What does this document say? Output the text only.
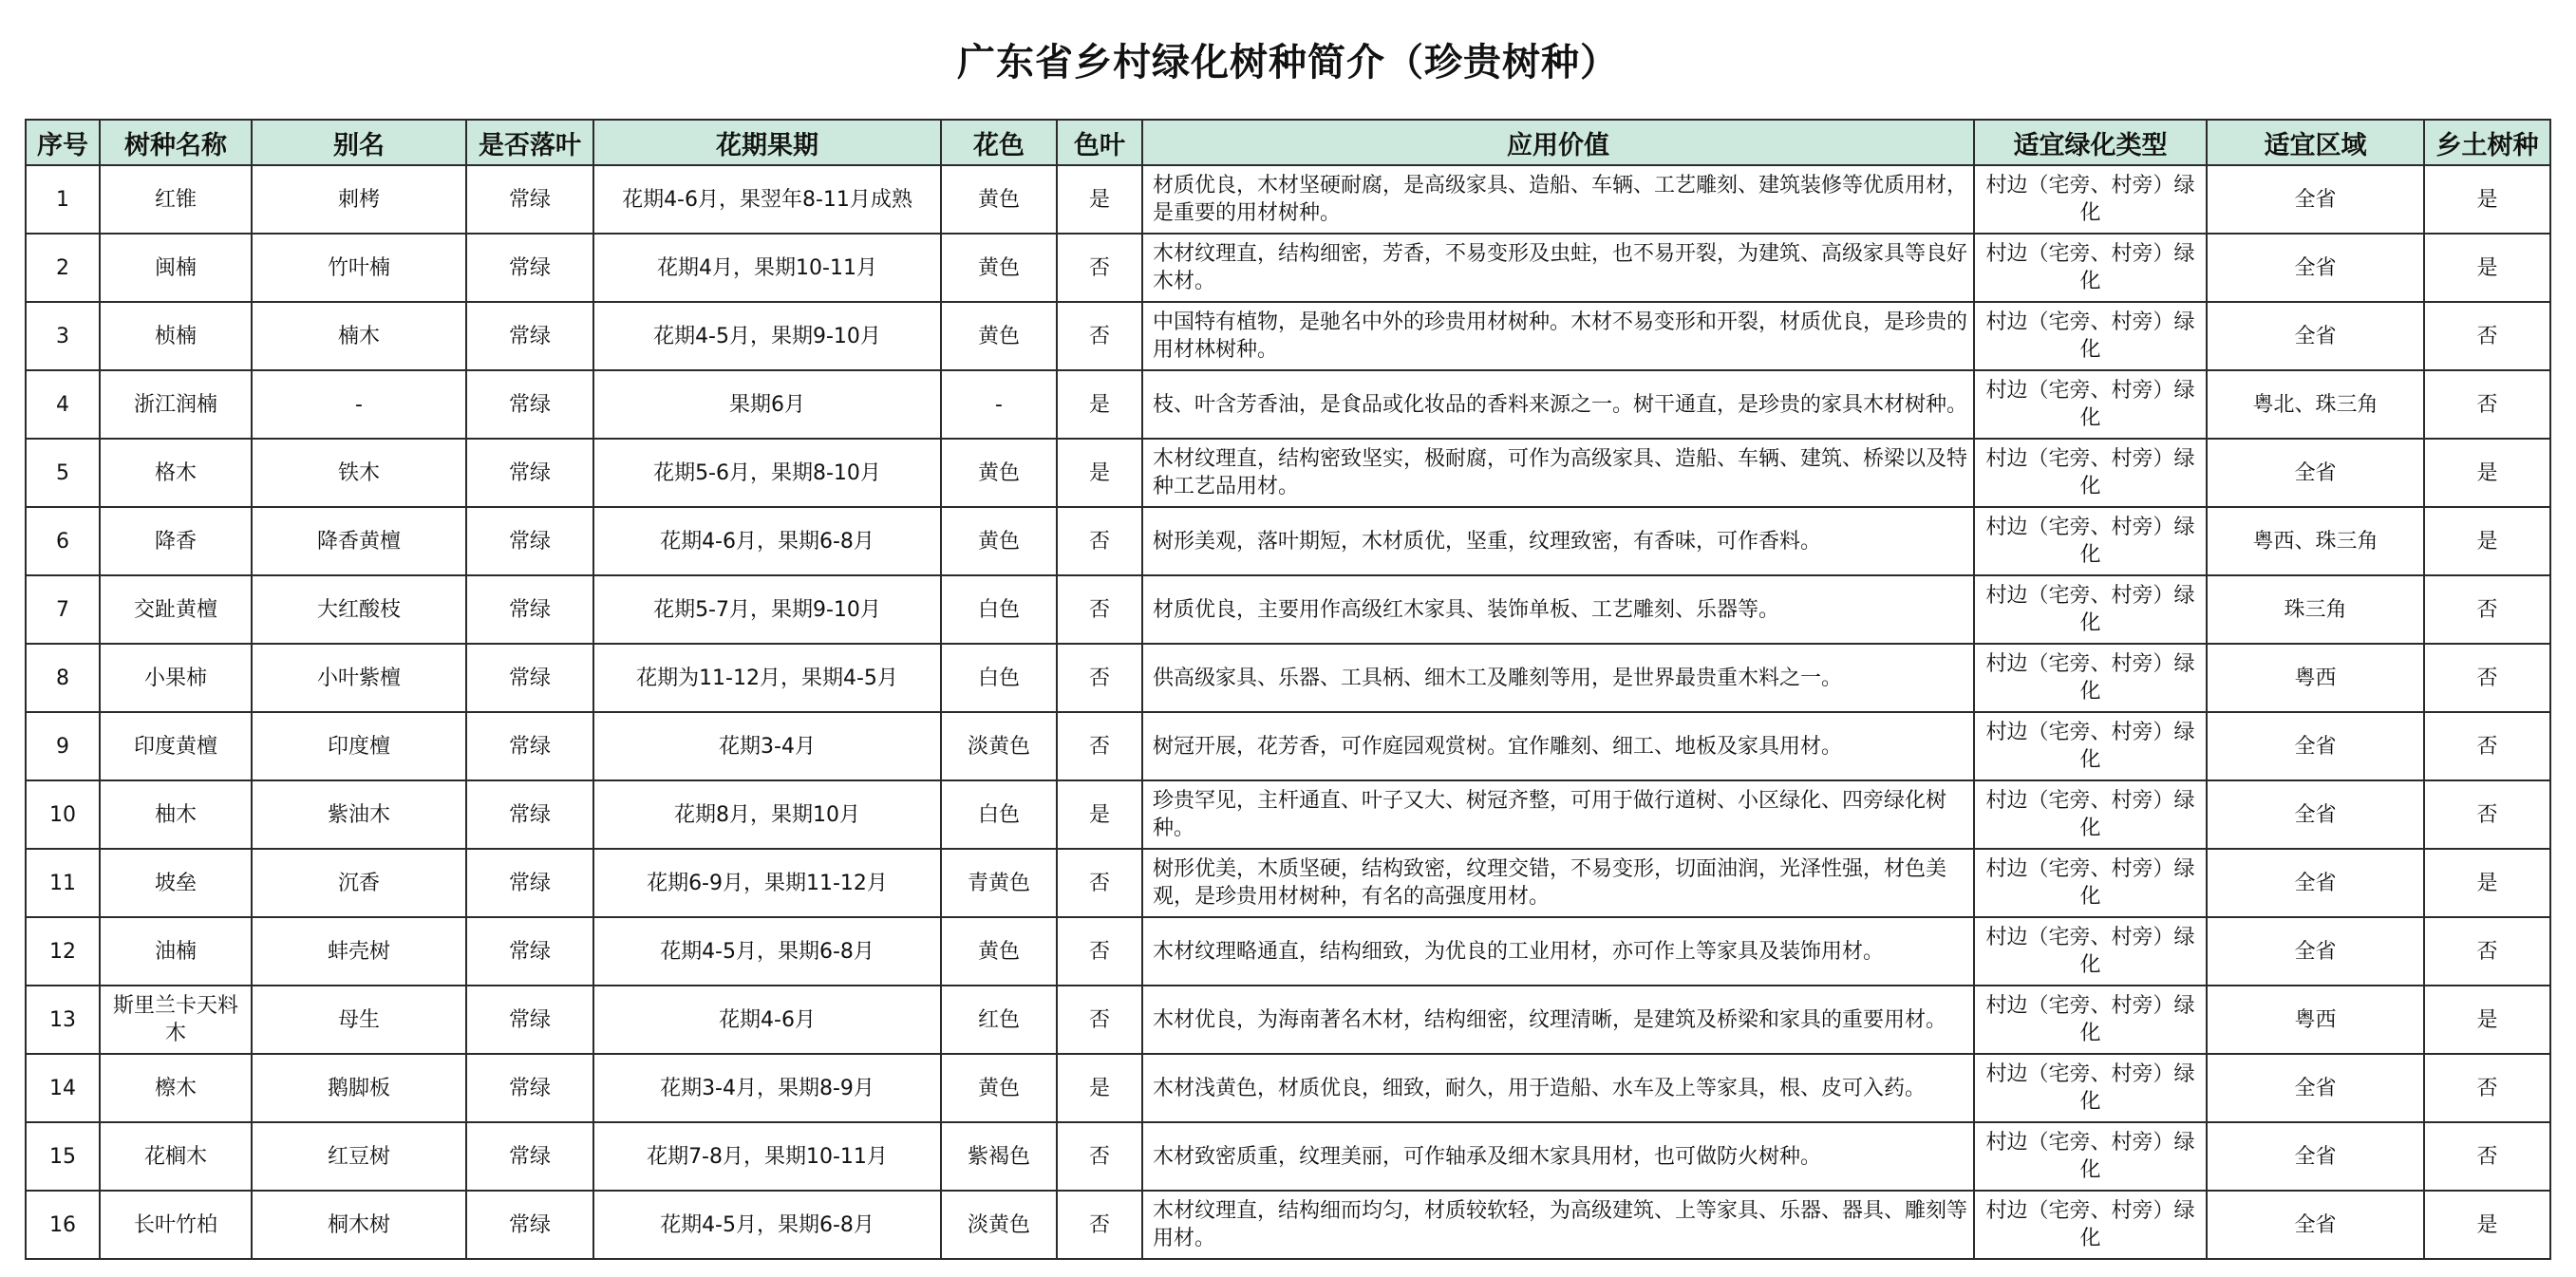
广东省乡村绿化树种简介（珍贵树种）
序号	树种名称	别名	是否落叶	花期果期	花色	色叶	应用价值	适宜绿化类型	适宜区域	乡土树种
1	红锥	刺栲	常绿	花期4-6月，果翌年8-11月成熟	黄色	是	材质优良，木材坚硬耐腐，是高级家具、造船、车辆、工艺雕刻、建筑装修等优质用材，是重要的用材树种。	村边（宅旁、村旁）绿化	全省	是
2	闽楠	竹叶楠	常绿	花期4月，果期10-11月	黄色	否	木材纹理直，结构细密，芳香，不易变形及虫蛀，也不易开裂，为建筑、高级家具等良好木材。	村边（宅旁、村旁）绿化	全省	是
3	桢楠	楠木	常绿	花期4-5月，果期9-10月	黄色	否	中国特有植物，是驰名中外的珍贵用材树种。木材不易变形和开裂，材质优良，是珍贵的用材林树种。	村边（宅旁、村旁）绿化	全省	否
4	浙江润楠	-	常绿	果期6月	-	是	枝、叶含芳香油，是食品或化妆品的香料来源之一。树干通直，是珍贵的家具木材树种。	村边（宅旁、村旁）绿化	粤北、珠三角	否
5	格木	铁木	常绿	花期5-6月，果期8-10月	黄色	是	木材纹理直，结构密致坚实，极耐腐，可作为高级家具、造船、车辆、建筑、桥梁以及特种工艺品用材。	村边（宅旁、村旁）绿化	全省	是
6	降香	降香黄檀	常绿	花期4-6月，果期6-8月	黄色	否	树形美观，落叶期短，木材质优，坚重，纹理致密，有香味，可作香料。	村边（宅旁、村旁）绿化	粤西、珠三角	是
7	交趾黄檀	大红酸枝	常绿	花期5-7月，果期9-10月	白色	否	材质优良，主要用作高级红木家具、装饰单板、工艺雕刻、乐器等。	村边（宅旁、村旁）绿化	珠三角	否
8	小果柿	小叶紫檀	常绿	花期为11-12月，果期4-5月	白色	否	供高级家具、乐器、工具柄、细木工及雕刻等用，是世界最贵重木料之一。	村边（宅旁、村旁）绿化	粤西	否
9	印度黄檀	印度檀	常绿	花期3-4月	淡黄色	否	树冠开展，花芳香，可作庭园观赏树。宜作雕刻、细工、地板及家具用材。	村边（宅旁、村旁）绿化	全省	否
10	柚木	紫油木	常绿	花期8月，果期10月	白色	是	珍贵罕见，主杆通直、叶子又大、树冠齐整，可用于做行道树、小区绿化、四旁绿化树种。	村边（宅旁、村旁）绿化	全省	否
11	坡垒	沉香	常绿	花期6-9月，果期11-12月	青黄色	否	树形优美，木质坚硬，结构致密，纹理交错，不易变形，切面油润，光泽性强，材色美观，是珍贵用材树种，有名的高强度用材。	村边（宅旁、村旁）绿化	全省	是
12	油楠	蚌壳树	常绿	花期4-5月，果期6-8月	黄色	否	木材纹理略通直，结构细致，为优良的工业用材，亦可作上等家具及装饰用材。	村边（宅旁、村旁）绿化	全省	否
13	斯里兰卡天料木	母生	常绿	花期4-6月	红色	否	木材优良，为海南著名木材，结构细密，纹理清晰，是建筑及桥梁和家具的重要用材。	村边（宅旁、村旁）绿化	粤西	是
14	檫木	鹅脚板	常绿	花期3-4月，果期8-9月	黄色	是	木材浅黄色，材质优良，细致，耐久，用于造船、水车及上等家具，根、皮可入药。	村边（宅旁、村旁）绿化	全省	否
15	花榈木	红豆树	常绿	花期7-8月，果期10-11月	紫褐色	否	木材致密质重，纹理美丽，可作轴承及细木家具用材，也可做防火树种。	村边（宅旁、村旁）绿化	全省	否
16	长叶竹柏	桐木树	常绿	花期4-5月，果期6-8月	淡黄色	否	木材纹理直，结构细而均匀，材质较软轻，为高级建筑、上等家具、乐器、器具、雕刻等用材。	村边（宅旁、村旁）绿化	全省	是
